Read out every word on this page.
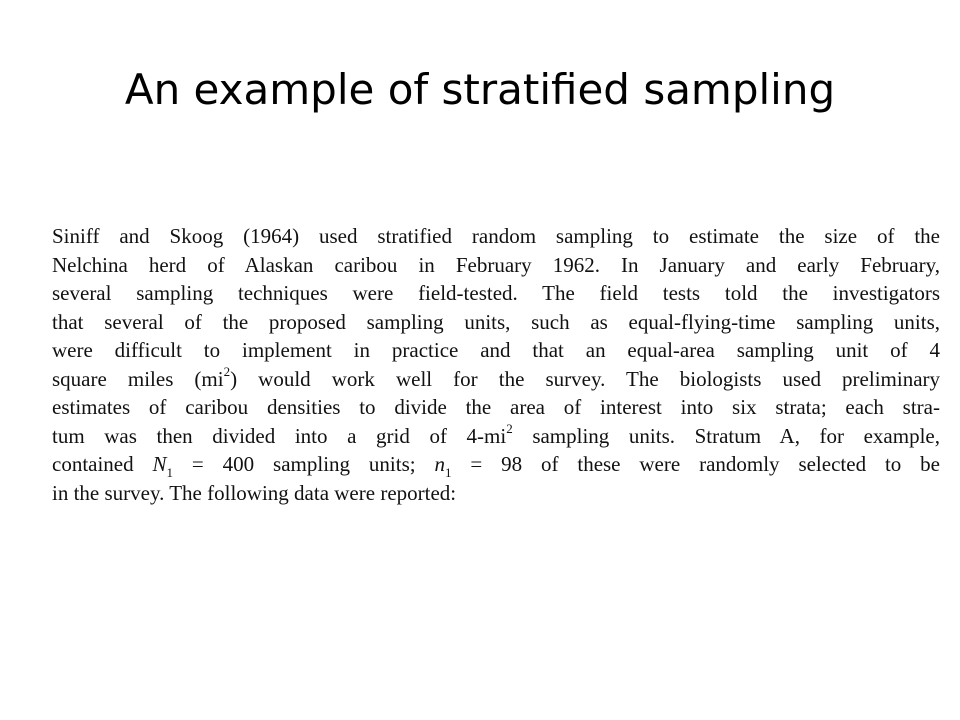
An example of stratified sampling
Siniff and Skoog (1964) used stratified random sampling to estimate the size of the
Nelchina herd of Alaskan caribou in February 1962. In January and early February,
several sampling techniques were field-tested. The field tests told the investigators
that several of the proposed sampling units, such as equal-flying-time sampling units,
were difficult to implement in practice and that an equal-area sampling unit of 4
square miles $(mi^2)$ would work well for the survey. The biologists used preliminary
estimates of caribou densities to divide the area of interest into six strata; each stra-
tum was then divided into a grid of $4-mi^2$ sampling units. Stratum A, for example,
contained $N_1 = 400$ sampling units; $n_1 = 98$ of these were randomly selected to be
in the survey. The following data were reported:
